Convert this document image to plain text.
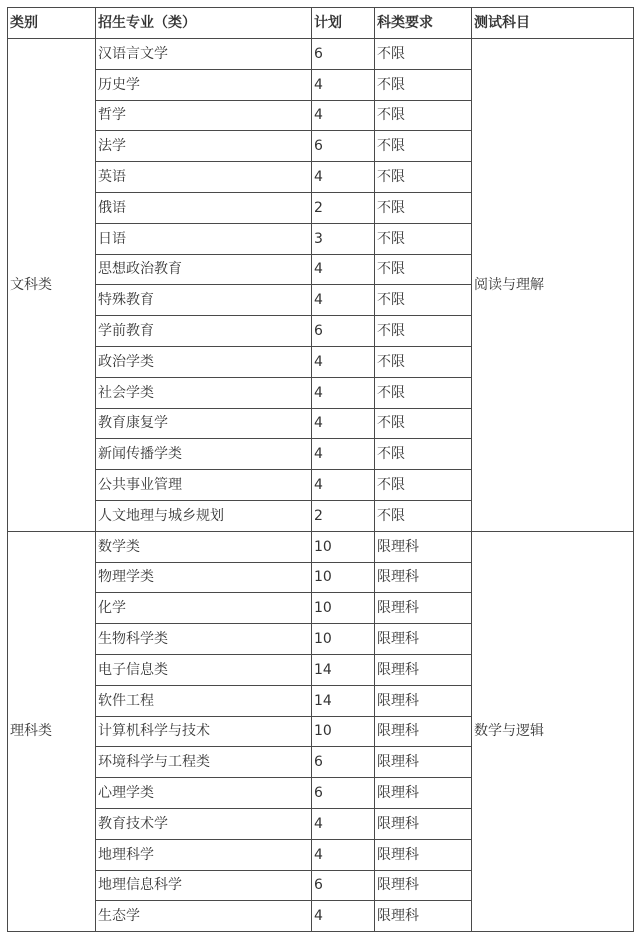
类别	招生专业（类）	计划	科类要求	测试科目
文科类	汉语言文学	6	不限	阅读与理解
	历史学	4	不限	
	哲学	4	不限	
	法学	6	不限	
	英语	4	不限	
	俄语	2	不限	
	日语	3	不限	
	思想政治教育	4	不限	
	特殊教育	4	不限	
	学前教育	6	不限	
	政治学类	4	不限	
	社会学类	4	不限	
	教育康复学	4	不限	
	新闻传播学类	4	不限	
	公共事业管理	4	不限	
	人文地理与城乡规划	2	不限	
理科类	数学类	10	限理科	数学与逻辑
	物理学类	10	限理科	
	化学	10	限理科	
	生物科学类	10	限理科	
	电子信息类	14	限理科	
	软件工程	14	限理科	
	计算机科学与技术	10	限理科	
	环境科学与工程类	6	限理科	
	心理学类	6	限理科	
	教育技术学	4	限理科	
	地理科学	4	限理科	
	地理信息科学	6	限理科	
	生态学	4	限理科	
